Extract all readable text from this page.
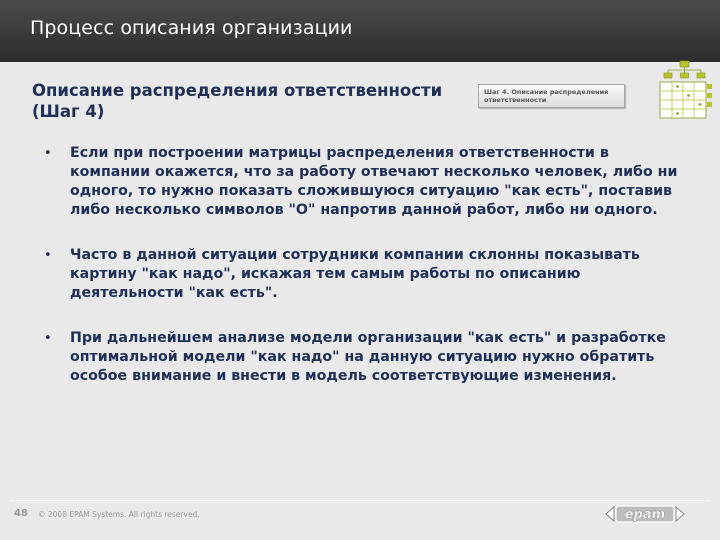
Процесс описания организации
Описание распределения ответственности (Шаг 4)
Шаг 4. Описание распределения ответственности
• Если при построении матрицы распределения ответственности в компании окажется, что за работу отвечают несколько человек, либо ни одного, то нужно показать сложившуюся ситуацию "как есть", поставив либо несколько символов "О" напротив данной работ, либо ни одного.
• Часто в данной ситуации сотрудники компании склонны показывать картину "как надо", искажая тем самым работы по описанию деятельности "как есть".
• При дальнейшем анализе модели организации "как есть" и разработке оптимальной модели "как надо" на данную ситуацию нужно обратить особое внимание и внести в модель соответствующие изменения.
48 © 2008 EPAM Systems. All rights reserved.	epam
